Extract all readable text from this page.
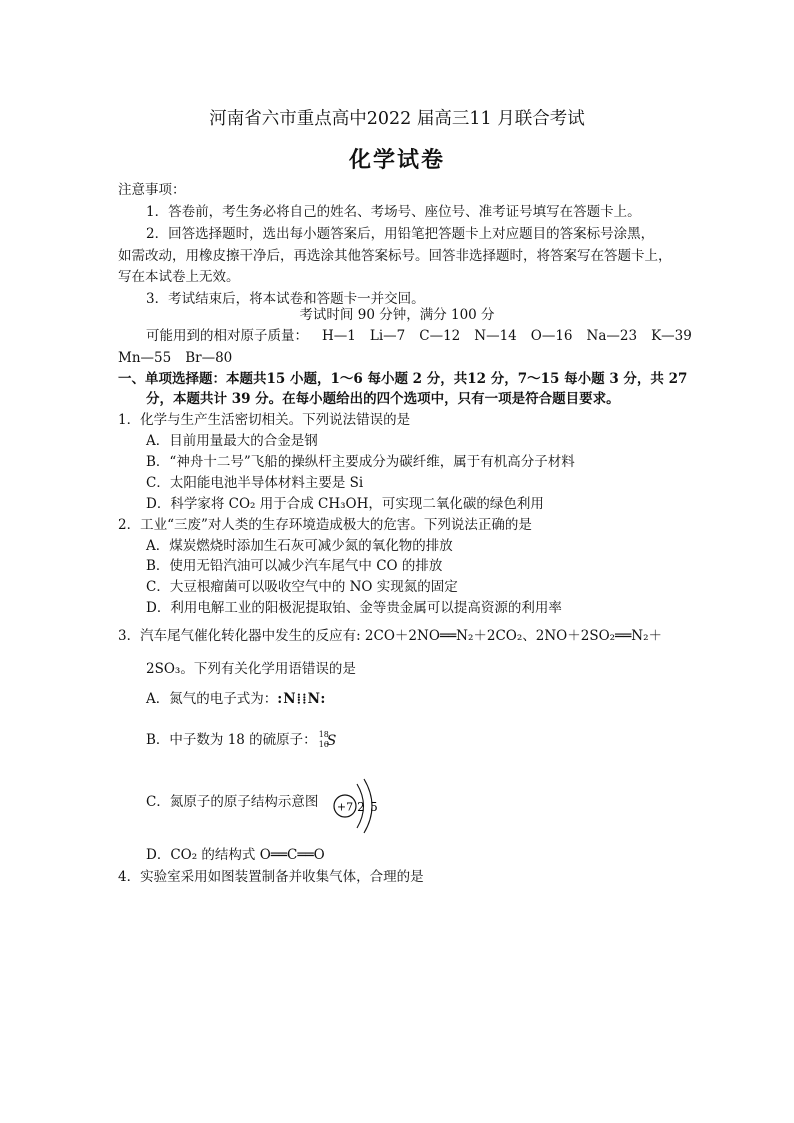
河南省六市重点高中2022 届高三11 月联合考试
化学试卷
注意事项：
1．答卷前，考生务必将自己的姓名、考场号、座位号、准考证号填写在答题卡上。
2．回答选择题时，选出每小题答案后，用铅笔把答题卡上对应题目的答案标号涂黑，
如需改动，用橡皮擦干净后，再选涂其他答案标号。回答非选择题时，将答案写在答题卡上，
写在本试卷上无效。
3．考试结束后，将本试卷和答题卡一并交回。
考试时间 90 分钟，满分 100 分
可能用到的相对原子质量： H—1 Li—7 C—12 N—14 O—16 Na—23 K—39
Mn—55 Br—80
一、单项选择题：本题共15 小题，1～6 每小题 2 分，共12 分，7～15 每小题 3 分，共 27
分，本题共计 39 分。在每小题给出的四个选项中，只有一项是符合题目要求。
1．化学与生产生活密切相关。下列说法错误的是
A．目前用量最大的合金是钢
B．“神舟十二号”飞船的操纵杆主要成分为碳纤维，属于有机高分子材料
C．太阳能电池半导体材料主要是 Si
D．科学家将 CO₂ 用于合成 CH₃OH，可实现二氧化碳的绿色利用
2．工业“三废”对人类的生存环境造成极大的危害。下列说法正确的是
A．煤炭燃烧时添加生石灰可减少氮的氧化物的排放
B．使用无铅汽油可以减少汽车尾气中 CO 的排放
C．大豆根瘤菌可以吸收空气中的 NO 实现氮的固定
D．利用电解工业的阳极泥提取铂、金等贵金属可以提高资源的利用率
3．汽车尾气催化转化器中发生的反应有: 2CO＋2NO══N₂＋2CO₂、2NO＋2SO₂══N₂＋
2SO₃。下列有关化学用语错误的是
A．氮气的电子式为：:N⁞⁞N:
B．中子数为 18 的硫原子： 18
16
S
C．氮原子的原子结构示意图 +7 2 5
D．CO₂ 的结构式 O══C══O
4．实验室采用如图装置制备并收集气体，合理的是
